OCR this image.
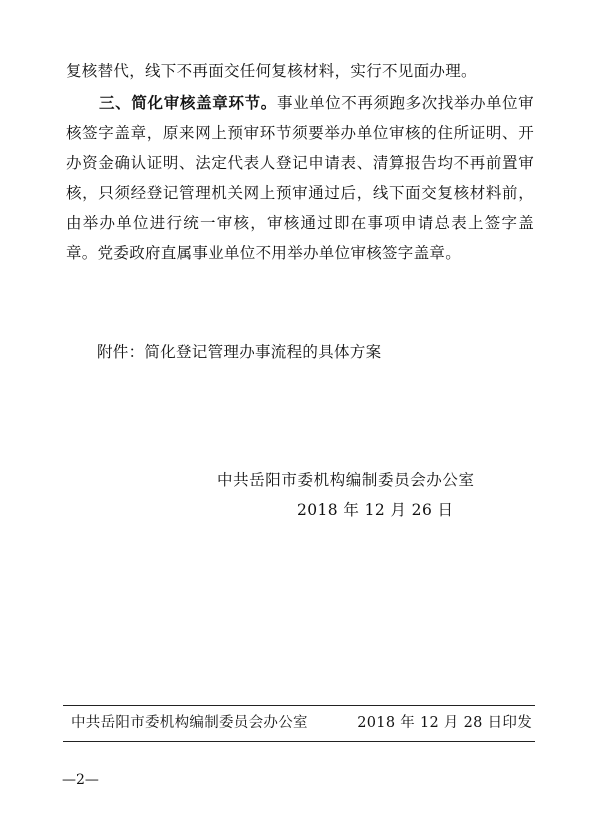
复核替代，线下不再面交任何复核材料，实行不见面办理。
三、简化审核盖章环节。事业单位不再须跑多次找举办单位审核签字盖章，原来网上预审环节须要举办单位审核的住所证明、开办资金确认证明、法定代表人登记申请表、清算报告均不再前置审核，只须经登记管理机关网上预审通过后，线下面交复核材料前，由举办单位进行统一审核，审核通过即在事项申请总表上签字盖章。党委政府直属事业单位不用举办单位审核签字盖章。
附件：简化登记管理办事流程的具体方案
中共岳阳市委机构编制委员会办公室
2018 年 12 月 26 日
中共岳阳市委机构编制委员会办公室	2018 年 12 月 28 日印发
—2—
